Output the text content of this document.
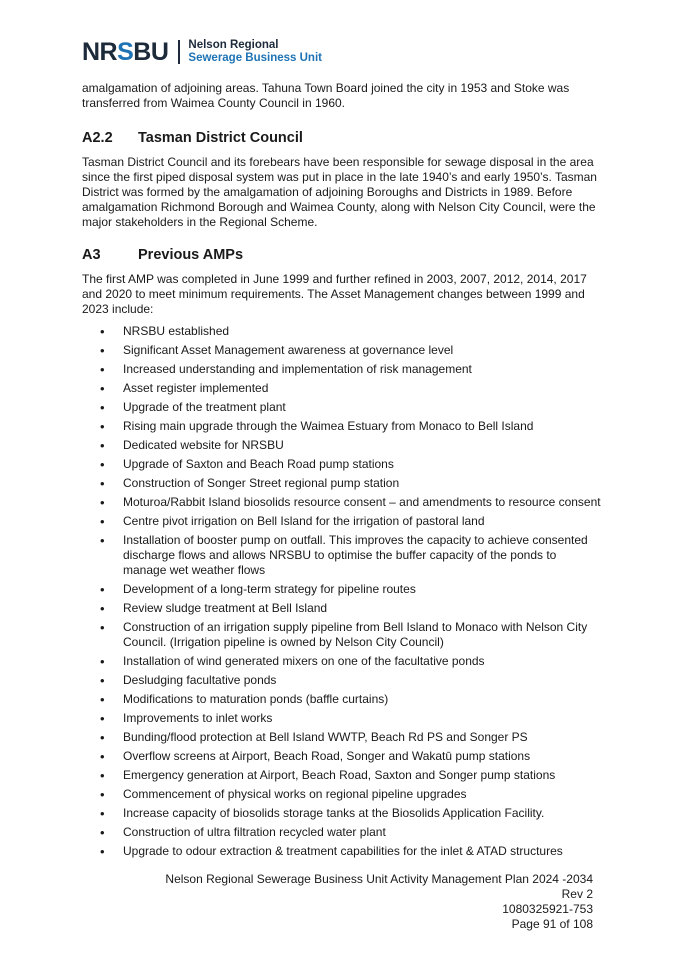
NRSBU Nelson Regional
Sewerage Business Unit

amalgamation of adjoining areas. Tahuna Town Board joined the city in 1953 and Stoke was transferred from Waimea County Council in 1960.

A2.2	Tasman District Council

Tasman District Council and its forebears have been responsible for sewage disposal in the area since the first piped disposal system was put in place in the late 1940’s and early 1950’s. Tasman District was formed by the amalgamation of adjoining Boroughs and Districts in 1989. Before amalgamation Richmond Borough and Waimea County, along with Nelson City Council, were the major stakeholders in the Regional Scheme.

A3	Previous AMPs

The first AMP was completed in June 1999 and further refined in 2003, 2007, 2012, 2014, 2017 and 2020 to meet minimum requirements. The Asset Management changes between 1999 and 2023 include:

• NRSBU established
• Significant Asset Management awareness at governance level
• Increased understanding and implementation of risk management
• Asset register implemented
• Upgrade of the treatment plant
• Rising main upgrade through the Waimea Estuary from Monaco to Bell Island
• Dedicated website for NRSBU
• Upgrade of Saxton and Beach Road pump stations
• Construction of Songer Street regional pump station
• Moturoa/Rabbit Island biosolids resource consent – and amendments to resource consent
• Centre pivot irrigation on Bell Island for the irrigation of pastoral land
• Installation of booster pump on outfall. This improves the capacity to achieve consented discharge flows and allows NRSBU to optimise the buffer capacity of the ponds to manage wet weather flows
• Development of a long-term strategy for pipeline routes
• Review sludge treatment at Bell Island
• Construction of an irrigation supply pipeline from Bell Island to Monaco with Nelson City Council. (Irrigation pipeline is owned by Nelson City Council)
• Installation of wind generated mixers on one of the facultative ponds
• Desludging facultative ponds
• Modifications to maturation ponds (baffle curtains)
• Improvements to inlet works
• Bunding/flood protection at Bell Island WWTP, Beach Rd PS and Songer PS
• Overflow screens at Airport, Beach Road, Songer and Wakatū pump stations
• Emergency generation at Airport, Beach Road, Saxton and Songer pump stations
• Commencement of physical works on regional pipeline upgrades
• Increase capacity of biosolids storage tanks at the Biosolids Application Facility.
• Construction of ultra filtration recycled water plant
• Upgrade to odour extraction & treatment capabilities for the inlet & ATAD structures
Nelson Regional Sewerage Business Unit Activity Management Plan 2024 -2034
Rev 2
1080325921-753
Page 91 of 108
